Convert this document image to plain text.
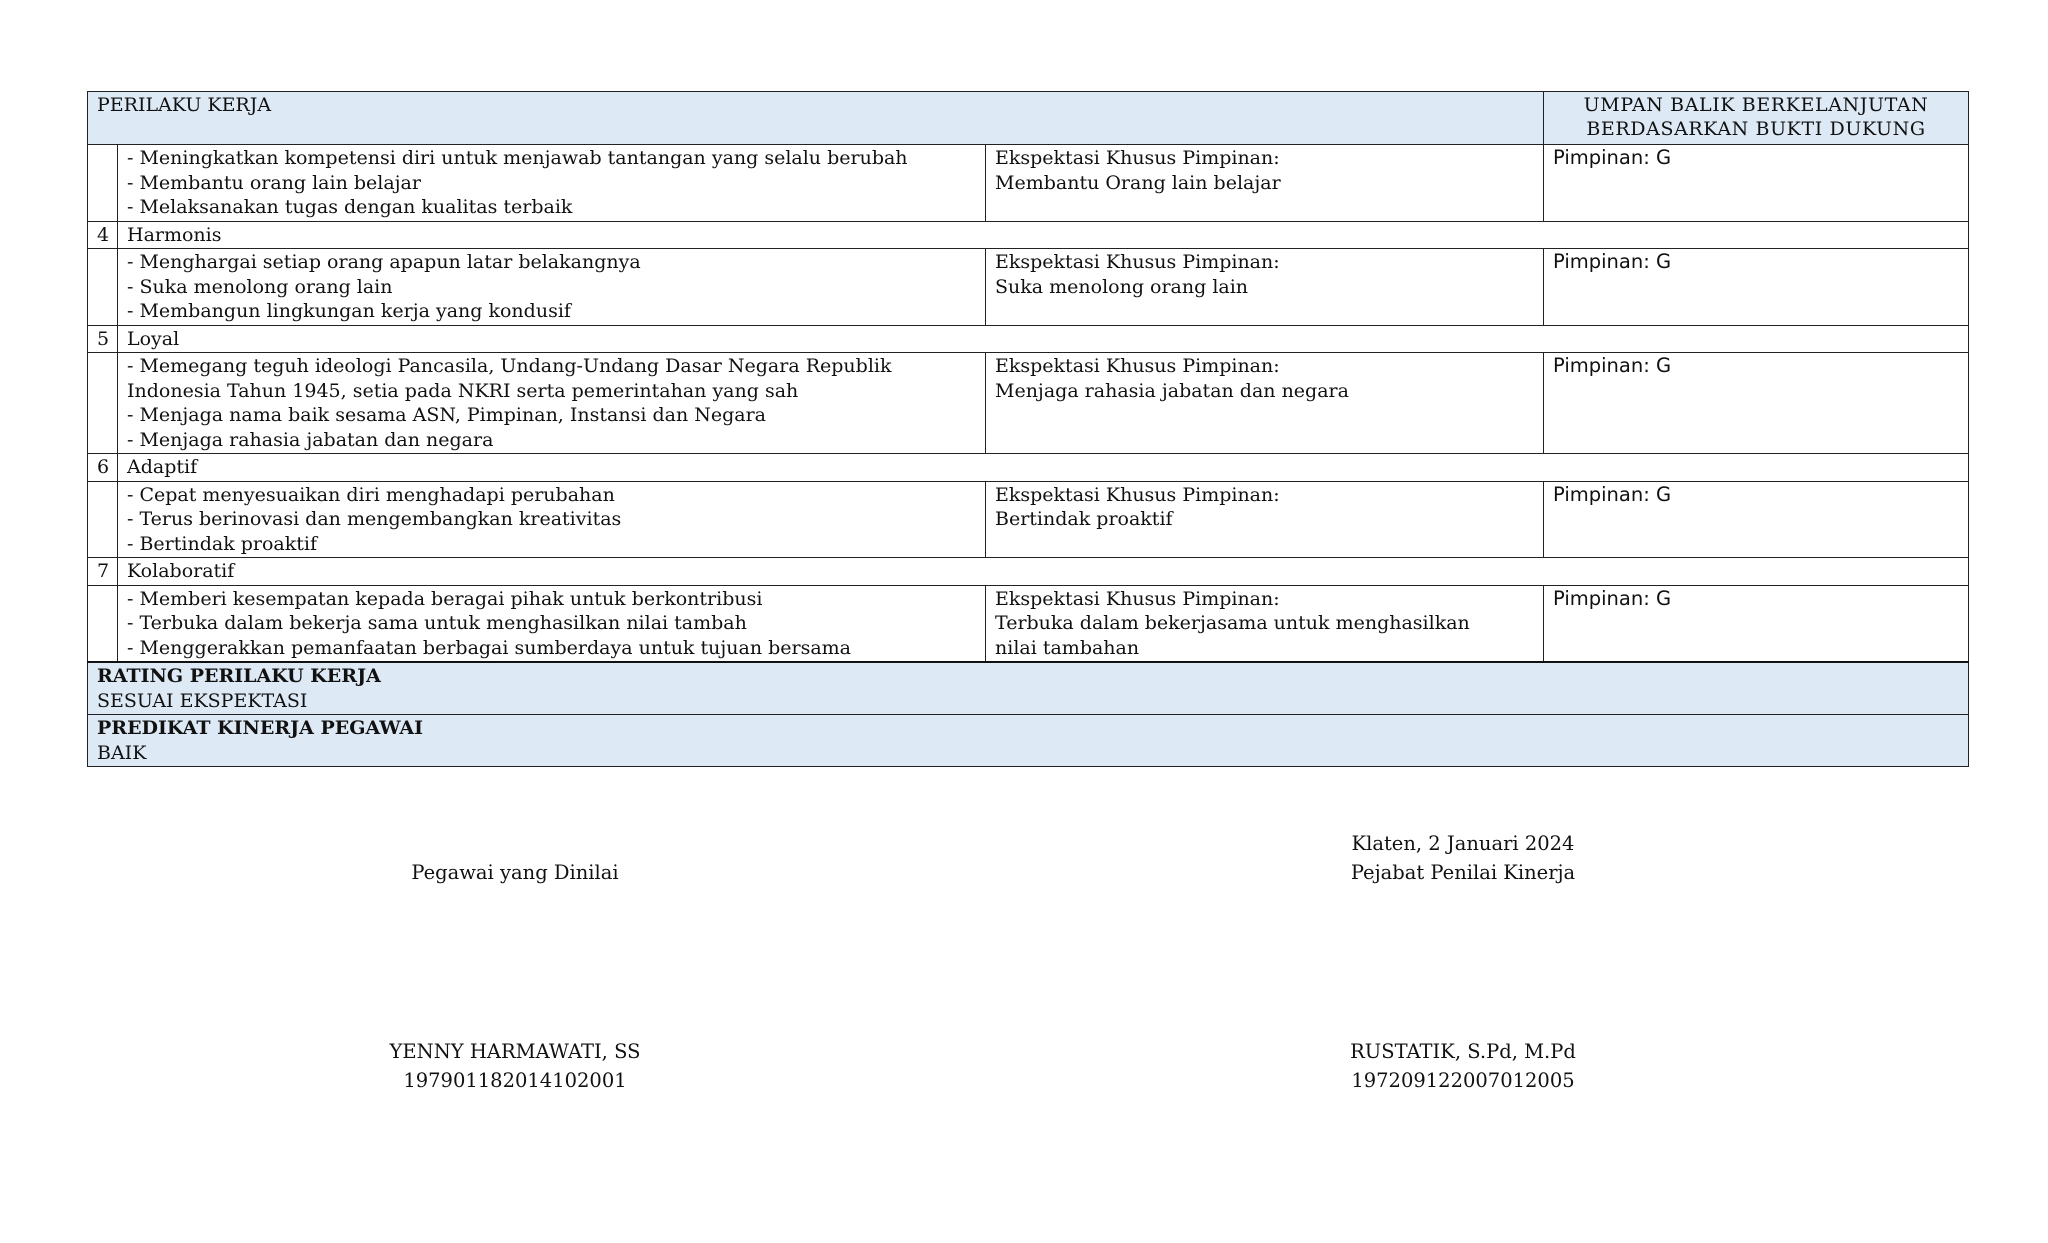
PERILAKU KERJA			UMPAN BALIK BERKELANJUTAN
BERDASARKAN BUKTI DUKUNG

	- Meningkatkan kompetensi diri untuk menjawab tantangan yang selalu berubah
- Membantu orang lain belajar
- Melaksanakan tugas dengan kualitas terbaik	Ekspektasi Khusus Pimpinan:
Membantu Orang lain belajar	Pimpinan: G
4	Harmonis		

	- Menghargai setiap orang apapun latar belakangnya
- Suka menolong orang lain
- Membangun lingkungan kerja yang kondusif	Ekspektasi Khusus Pimpinan:
Suka menolong orang lain	Pimpinan: G
5	Loyal		

	- Memegang teguh ideologi Pancasila, Undang-Undang Dasar Negara Republik
Indonesia Tahun 1945, setia pada NKRI serta pemerintahan yang sah
- Menjaga nama baik sesama ASN, Pimpinan, Instansi dan Negara
- Menjaga rahasia jabatan dan negara	Ekspektasi Khusus Pimpinan:
Menjaga rahasia jabatan dan negara	Pimpinan: G
6	Adaptif		

	- Cepat menyesuaikan diri menghadapi perubahan
- Terus berinovasi dan mengembangkan kreativitas
- Bertindak proaktif	Ekspektasi Khusus Pimpinan:
Bertindak proaktif	Pimpinan: G
7	Kolaboratif		

	- Memberi kesempatan kepada beragai pihak untuk berkontribusi
- Terbuka dalam bekerja sama untuk menghasilkan nilai tambah
- Menggerakkan pemanfaatan berbagai sumberdaya untuk tujuan bersama	Ekspektasi Khusus Pimpinan:
Terbuka dalam bekerjasama untuk menghasilkan
nilai tambahan	Pimpinan: G

RATING PERILAKU KERJA
SESUAI EKSPEKTASI			

PREDIKAT KINERJA PEGAWAI
BAIK			
Klaten, 2 Januari 2024
Pegawai yang Dinilai	Pejabat Penilai Kinerja
YENNY HARMAWATI, SS
197901182014102001
RUSTATIK, S.Pd, M.Pd
197209122007012005
